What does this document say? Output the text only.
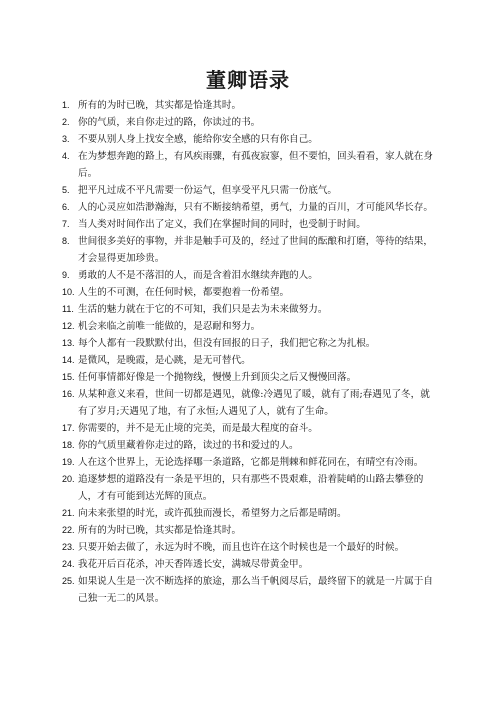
董卿语录
1. 所有的为时已晚，其实都是恰逢其时。
2. 你的气质，来自你走过的路，你读过的书。
3. 不要从别人身上找安全感，能给你安全感的只有你自己。
4. 在为梦想奔跑的路上，有风疾雨骤，有孤夜寂寥，但不要怕，回头看看，家人就在身后。
5. 把平凡过成不平凡需要一份运气，但享受平凡只需一份底气。
6. 人的心灵应如浩渺瀚海，只有不断接纳希望，勇气，力量的百川，才可能风华长存。
7. 当人类对时间作出了定义，我们在掌握时间的同时，也受制于时间。
8. 世间很多美好的事物，并非是触手可及的，经过了世间的酝酿和打磨，等待的结果，才会显得更加珍贵。
9. 勇敢的人不是不落泪的人，而是含着泪水继续奔跑的人。
10. 人生的不可测，在任何时候，都要抱着一份希望。
11. 生活的魅力就在于它的不可知，我们只是去为未来做努力。
12. 机会来临之前唯一能做的，是忍耐和努力。
13. 每个人都有一段默默付出，但没有回报的日子，我们把它称之为扎根。
14. 是微风，是晚霞，是心跳，是无可替代。
15. 任何事情都好像是一个抛物线，慢慢上升到顶尖之后又慢慢回落。
16. 从某种意义来看，世间一切都是遇见，就像:冷遇见了暖，就有了雨;春遇见了冬，就有了岁月;天遇见了地，有了永恒;人遇见了人，就有了生命。
17. 你需要的，并不是无止境的完美，而是最大程度的奋斗。
18. 你的气质里藏着你走过的路，读过的书和爱过的人。
19. 人在这个世界上，无论选择哪一条道路，它都是荆棘和鲜花同在，有晴空有冷雨。
20. 追逐梦想的道路没有一条是平坦的，只有那些不畏艰难，沿着陡峭的山路去攀登的人，才有可能到达光辉的顶点。
21. 向未来张望的时光，或许孤独而漫长，希望努力之后都是晴朗。
22. 所有的为时已晚，其实都是恰逢其时。
23. 只要开始去做了，永远为时不晚，而且也许在这个时候也是一个最好的时候。
24. 我花开后百花杀，冲天香阵透长安，满城尽带黄金甲。
25. 如果说人生是一次不断选择的旅途，那么当千帆阅尽后，最终留下的就是一片属于自己独一无二的风景。
